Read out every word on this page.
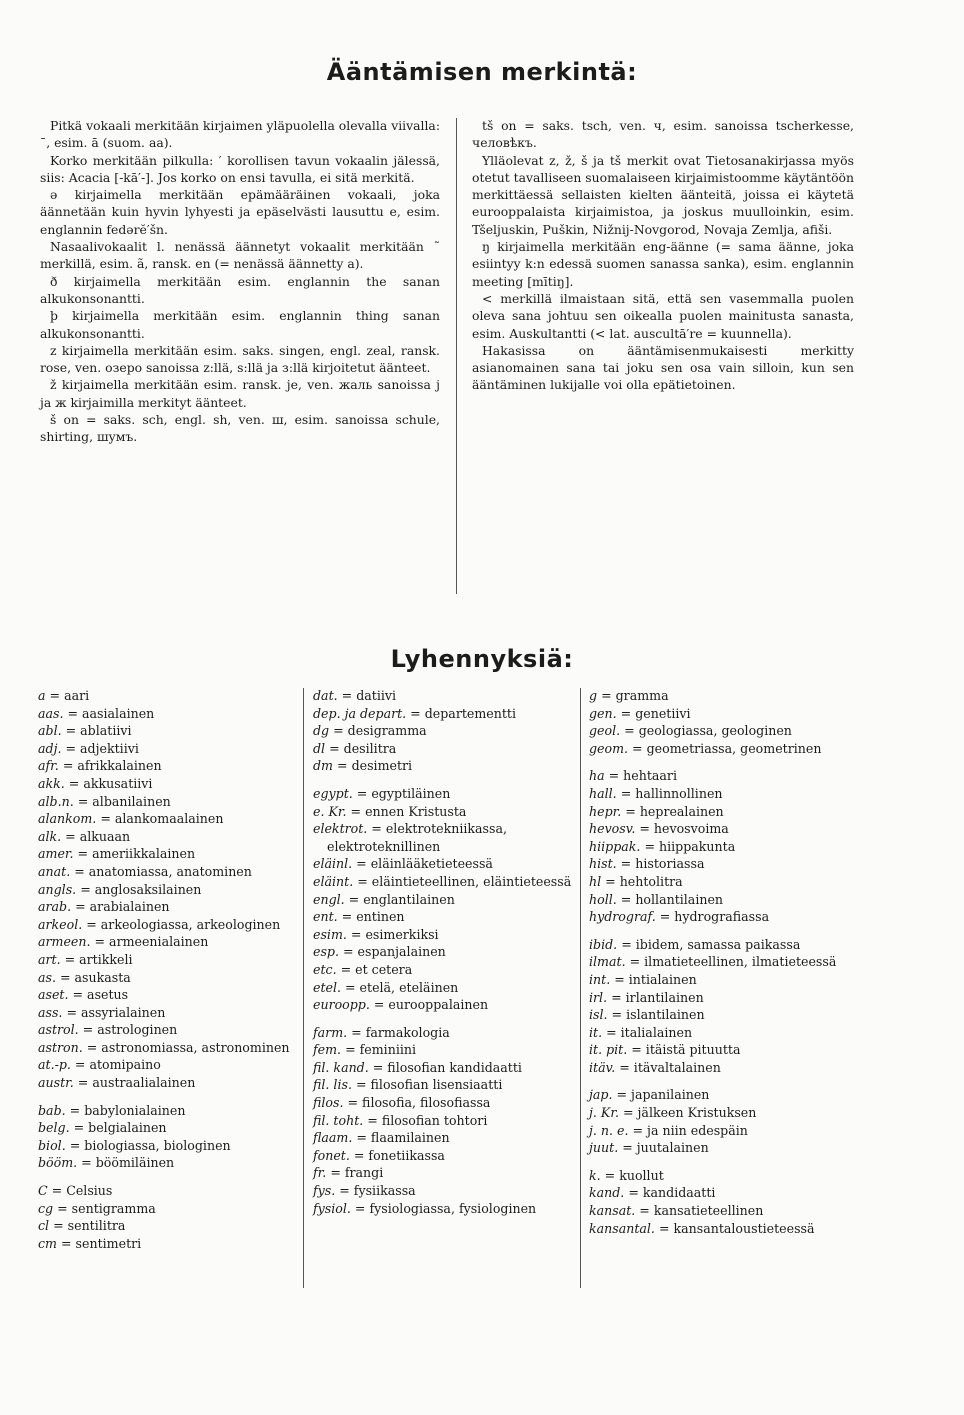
Ääntämisen merkintä:

Pitkä vokaali merkitään kirjaimen yläpuolella olevalla viivalla: ¯, esim. ā (suom. aa).

Korko merkitään pilkulla: ′ korollisen tavun vokaalin jälessä, siis: Acacia [-kā′-]. Jos korko on ensi tavulla, ei sitä merkitä.

ə kirjaimella merkitään epämääräinen vokaali, joka äännetään kuin hyvin lyhyesti ja epäselvästi lausuttu e, esim. englannin fedərĕ′šn.

Nasaalivokaalit l. nenässä äännetyt vokaalit merkitään ˜ merkillä, esim. ã, ransk. en (= nenässä äännetty a).

ð kirjaimella merkitään esim. englannin the sanan alkukonsonantti.

þ kirjaimella merkitään esim. englannin thing sanan alkukonsonantti.

z kirjaimella merkitään esim. saks. singen, engl. zeal, ransk. rose, ven. озеро sanoissa z:llä, s:llä ja з:llä kirjoitetut äänteet.

ž kirjaimella merkitään esim. ransk. je, ven. жаль sanoissa j ja ж kirjaimilla merkityt äänteet.

š on = saks. sch, engl. sh, ven. ш, esim. sanoissa schule, shirting, шумъ.

tš on = saks. tsch, ven. ч, esim. sanoissa tscherkesse, человѣкъ.

Ylläolevat z, ž, š ja tš merkit ovat Tietosanakirjassa myös otetut tavalliseen suomalaiseen kirjaimistoomme käytäntöön merkittäessä sellaisten kielten äänteitä, joissa ei käytetä eurooppalaista kirjaimistoa, ja joskus muulloinkin, esim. Tšeljuskin, Puškin, Nižnij-Novgorod, Novaja Zemlja, afiši.

ŋ kirjaimella merkitään eng-äänne (= sama äänne, joka esiintyy k:n edessä suomen sanassa sanka), esim. englannin meeting [mītiŋ].

< merkillä ilmaistaan sitä, että sen vasemmalla puolen oleva sana johtuu sen oikealla puolen mainitusta sanasta, esim. Auskultantti (< lat. auscultā′re = kuunnella).

Hakasissa on ääntämisenmukaisesti merkitty asianomainen sana tai joku sen osa vain silloin, kun sen ääntäminen lukijalle voi olla epätietoinen.

Lyhennyksiä:
a = aari
aas. = aasialainen
abl. = ablatiivi
adj. = adjektiivi
afr. = afrikkalainen
akk. = akkusatiivi
alb.n. = albanilainen
alankom. = alankomaalainen
alk. = alkuaan
amer. = ameriikkalainen
anat. = anatomiassa, anatominen
angls. = anglosaksilainen
arab. = arabialainen
arkeol. = arkeologiassa, arkeologinen
armeen. = armeenialainen
art. = artikkeli
as. = asukasta
aset. = asetus
ass. = assyrialainen
astrol. = astrologinen
astron. = astronomiassa, astronominen
at.-p. = atomipaino
austr. = austraalialainen
bab. = babylonialainen
belg. = belgialainen
biol. = biologiassa, biologinen
bööm. = böömiläinen
C = Celsius
cg = sentigramma
cl = sentilitra
cm = sentimetri
dat. = datiivi
dep. ja depart. = departementti
dg = desigramma
dl = desilitra
dm = desimetri
egypt. = egyptiläinen
e. Kr. = ennen Kristusta
elektrot. = elektrotekniikassa, elektroteknillinen
eläinl. = eläinlääketieteessä
eläint. = eläintieteellinen, eläintieteessä
engl. = englantilainen
ent. = entinen
esim. = esimerkiksi
esp. = espanjalainen
etc. = et cetera
etel. = etelä, eteläinen
euroopp. = eurooppalainen
farm. = farmakologia
fem. = feminiini
fil. kand. = filosofian kandidaatti
fil. lis. = filosofian lisensiaatti
filos. = filosofia, filosofiassa
fil. toht. = filosofian tohtori
flaam. = flaamilainen
fonet. = fonetiikassa
fr. = frangi
fys. = fysiikassa
fysiol. = fysiologiassa, fysiologinen
g = gramma
gen. = genetiivi
geol. = geologiassa, geologinen
geom. = geometriassa, geometrinen
ha = hehtaari
hall. = hallinnollinen
hepr. = heprealainen
hevosv. = hevosvoima
hiippak. = hiippakunta
hist. = historiassa
hl = hehtolitra
holl. = hollantilainen
hydrograf. = hydrografiassa
ibid. = ibidem, samassa paikassa
ilmat. = ilmatieteellinen, ilmatieteessä
int. = intialainen
irl. = irlantilainen
isl. = islantilainen
it. = italialainen
it. pit. = itäistä pituutta
itäv. = itävaltalainen
jap. = japanilainen
j. Kr. = jälkeen Kristuksen
j. n. e. = ja niin edespäin
juut. = juutalainen
k. = kuollut
kand. = kandidaatti
kansat. = kansatieteellinen
kansantal. = kansantaloustieteessä
